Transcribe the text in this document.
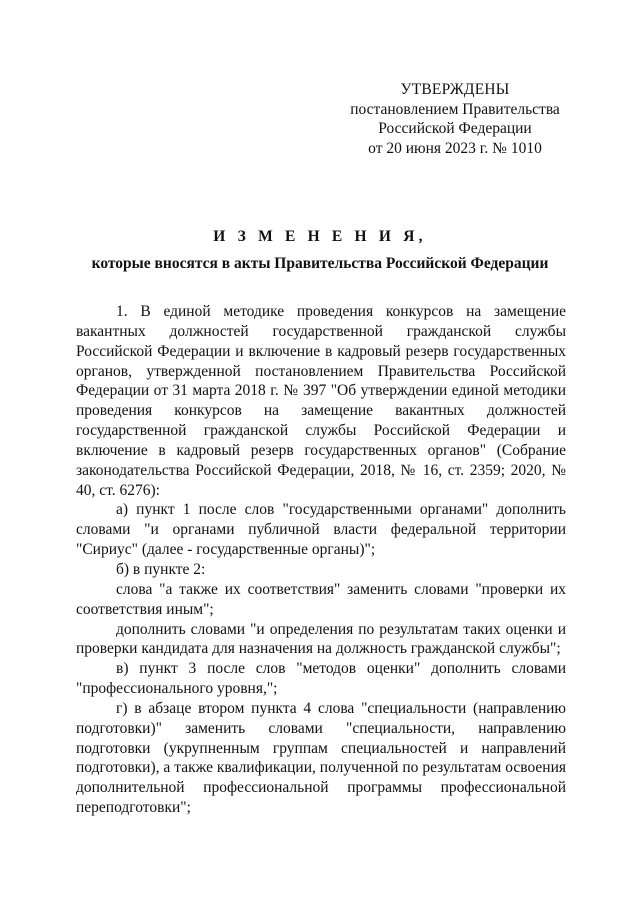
УТВЕРЖДЕНЫ
постановлением Правительства
Российской Федерации
от 20 июня 2023 г. № 1010
И З М Е Н Е Н И Я,
которые вносятся в акты Правительства Российской Федерации

1. В единой методике проведения конкурсов на замещение вакантных должностей государственной гражданской службы Российской Федерации и включение в кадровый резерв государственных органов, утвержденной постановлением Правительства Российской Федерации от 31 марта 2018 г. № 397 "Об утверждении единой методики проведения конкурсов на замещение вакантных должностей государственной гражданской службы Российской Федерации и включение в кадровый резерв государственных органов" (Собрание законодательства Российской Федерации, 2018, № 16, ст. 2359; 2020, № 40, ст. 6276):

а) пункт 1 после слов "государственными органами" дополнить словами "и органами публичной власти федеральной территории "Сириус" (далее - государственные органы)";

б) в пункте 2:

слова "а также их соответствия" заменить словами "проверки их соответствия иным";

дополнить словами "и определения по результатам таких оценки и проверки кандидата для назначения на должность гражданской службы";

в) пункт 3 после слов "методов оценки" дополнить словами "профессионального уровня,";

г) в абзаце втором пункта 4 слова "специальности (направлению подготовки)" заменить словами "специальности, направлению подготовки (укрупненным группам специальностей и направлений подготовки), а также квалификации, полученной по результатам освоения дополнительной профессиональной программы профессиональной переподготовки";
